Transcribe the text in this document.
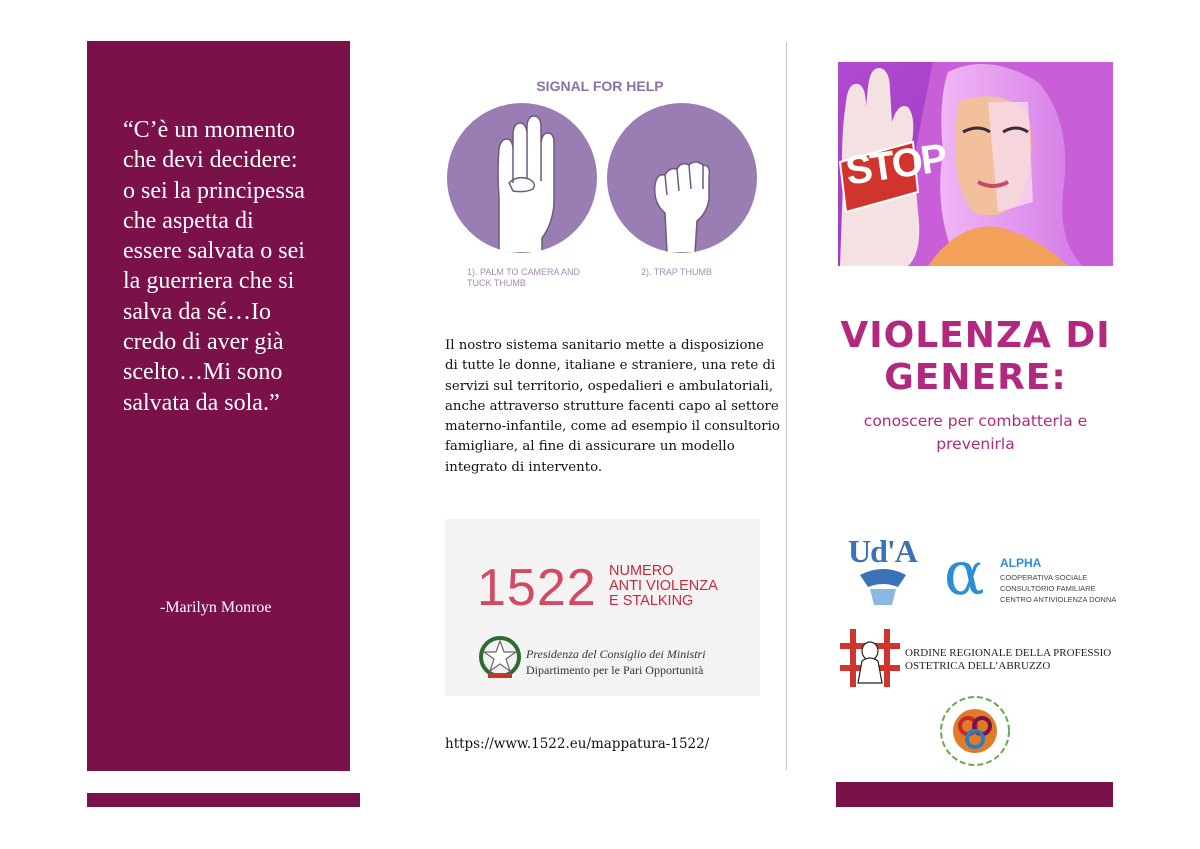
“C’è un momento che devi decidere: o sei la principessa che aspetta di essere salvata o sei la guerriera che si salva da sé…Io credo di aver già scelto…Mi sono salvata da sola.”
-Marilyn Monroe
SIGNAL FOR HELP
1). PALM TO CAMERA AND TUCK THUMB
2). TRAP THUMB
Il nostro sistema sanitario mette a disposizione di tutte le donne, italiane e straniere, una rete di servizi sul territorio, ospedalieri e ambulatoriali, anche attraverso strutture facenti capo al settore materno-infantile, come ad esempio il consultorio famigliare, al fine di assicurare un modello integrato di intervento.
1522 NUMERO
ANTI VIOLENZA
E STALKING
Presidenza del Consiglio dei Ministri
Dipartimento per le Pari Opportunità
https://www.1522.eu/mappatura-1522/
STOP
VIOLENZA DI GENERE:
conoscere per combatterla e prevenirla
Ud'A α ALPHA
COOPERATIVA SOCIALE
CONSULTORIO FAMILIARE
CENTRO ANTIVIOLENZA DONNA
ORDINE REGIONALE DELLA PROFESSIO
OSTETRICA DELL’ABRUZZO
